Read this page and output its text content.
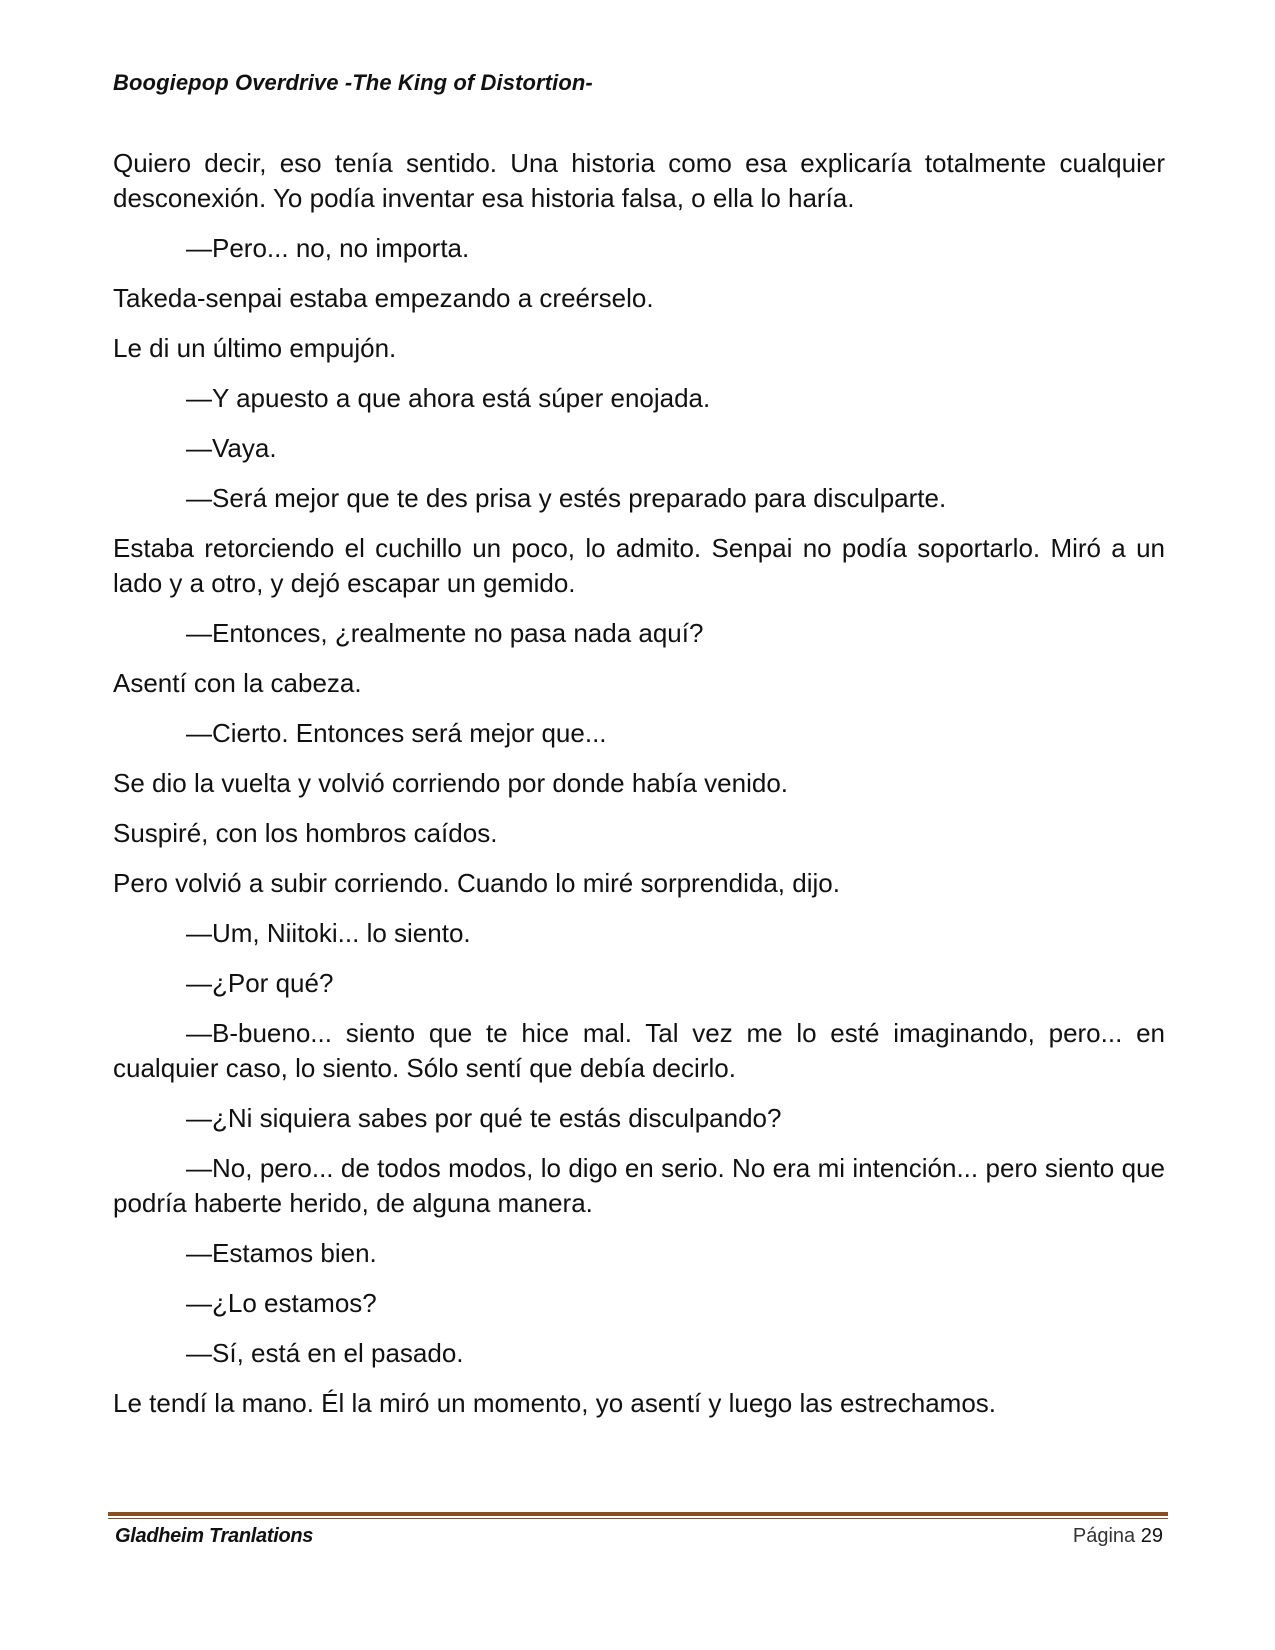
Boogiepop Overdrive -The King of Distortion-

Quiero decir, eso tenía sentido. Una historia como esa explicaría totalmente cualquier desconexión. Yo podía inventar esa historia falsa, o ella lo haría.

—Pero... no, no importa.

Takeda-senpai estaba empezando a creérselo.

Le di un último empujón.

—Y apuesto a que ahora está súper enojada.

—Vaya.

—Será mejor que te des prisa y estés preparado para disculparte.

Estaba retorciendo el cuchillo un poco, lo admito. Senpai no podía soportarlo. Miró a un lado y a otro, y dejó escapar un gemido.

—Entonces, ¿realmente no pasa nada aquí?

Asentí con la cabeza.

—Cierto. Entonces será mejor que...

Se dio la vuelta y volvió corriendo por donde había venido.

Suspiré, con los hombros caídos.

Pero volvió a subir corriendo. Cuando lo miré sorprendida, dijo.

—Um, Niitoki... lo siento.

—¿Por qué?

—B-bueno... siento que te hice mal. Tal vez me lo esté imaginando, pero... en cualquier caso, lo siento. Sólo sentí que debía decirlo.

—¿Ni siquiera sabes por qué te estás disculpando?

—No, pero... de todos modos, lo digo en serio. No era mi intención... pero siento que podría haberte herido, de alguna manera.

—Estamos bien.

—¿Lo estamos?

—Sí, está en el pasado.

Le tendí la mano. Él la miró un momento, yo asentí y luego las estrechamos.

Gladheim Tranlations	Página 29
